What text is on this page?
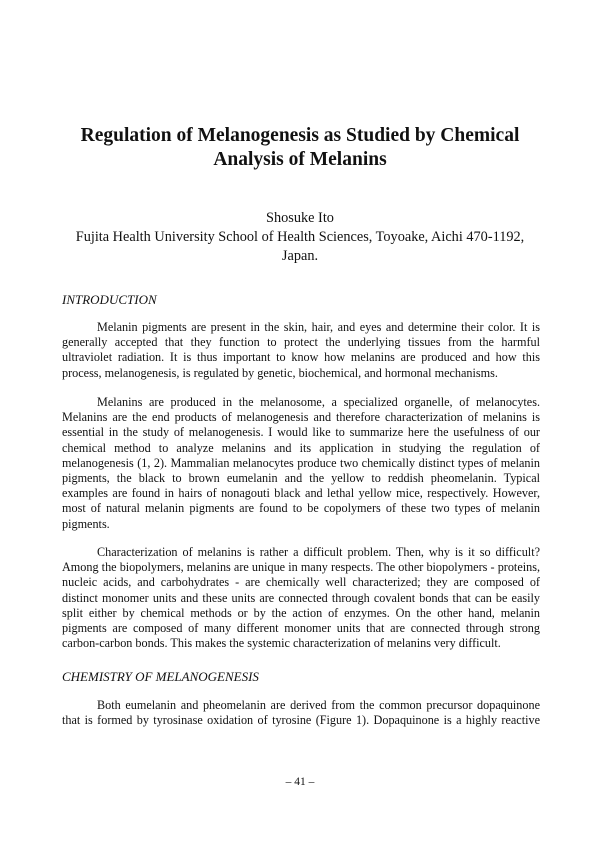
Regulation of Melanogenesis as Studied by Chemical
Analysis of Melanins
Shosuke Ito
Fujita Health University School of Health Sciences, Toyoake, Aichi 470-1192,
Japan.
INTRODUCTION
Melanin pigments are present in the skin, hair, and eyes and determine their color. It is
generally accepted that they function to protect the underlying tissues from the harmful
ultraviolet radiation. It is thus important to know how melanins are produced and how this
process, melanogenesis, is regulated by genetic, biochemical, and hormonal mechanisms.
Melanins are produced in the melanosome, a specialized organelle, of melanocytes.
Melanins are the end products of melanogenesis and therefore characterization of melanins is
essential in the study of melanogenesis. I would like to summarize here the usefulness of our
chemical method to analyze melanins and its application in studying the regulation of
melanogenesis (1, 2). Mammalian melanocytes produce two chemically distinct types of melanin
pigments, the black to brown eumelanin and the yellow to reddish pheomelanin. Typical
examples are found in hairs of nonagouti black and lethal yellow mice, respectively. However,
most of natural melanin pigments are found to be copolymers of these two types of melanin
pigments.
Characterization of melanins is rather a difficult problem. Then, why is it so difficult?
Among the biopolymers, melanins are unique in many respects. The other biopolymers - proteins,
nucleic acids, and carbohydrates - are chemically well characterized; they are composed of
distinct monomer units and these units are connected through covalent bonds that can be easily
split either by chemical methods or by the action of enzymes. On the other hand, melanin
pigments are composed of many different monomer units that are connected through strong
carbon-carbon bonds. This makes the systemic characterization of melanins very difficult.
CHEMISTRY OF MELANOGENESIS
Both eumelanin and pheomelanin are derived from the common precursor dopaquinone
that is formed by tyrosinase oxidation of tyrosine (Figure 1). Dopaquinone is a highly reactive
– 41 –
